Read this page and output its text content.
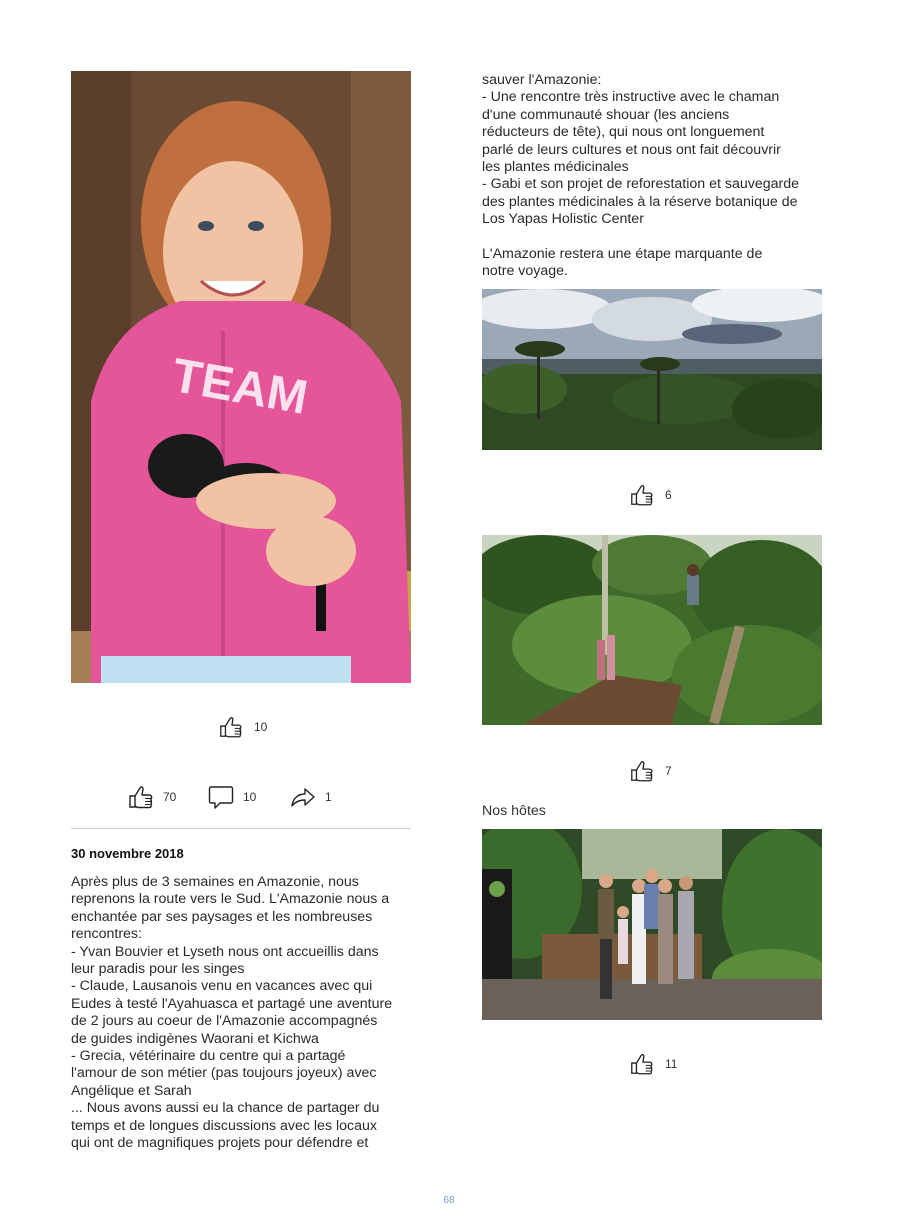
TEAM
10
70	10	1
30 novembre 2018
Après plus de 3 semaines en Amazonie, nous
reprenons la route vers le Sud. L'Amazonie nous a
enchantée par ses paysages et les nombreuses
rencontres:
- Yvan Bouvier et Lyseth nous ont accueillis dans
leur paradis pour les singes
- Claude, Lausanois venu en vacances avec qui
Eudes à testé l'Ayahuasca et partagé une aventure
de 2 jours au coeur de l'Amazonie accompagnés
de guides indigènes Waorani et Kichwa
- Grecia, vétérinaire du centre qui a partagé
l'amour de son métier (pas toujours joyeux) avec
Angélique et Sarah
... Nous avons aussi eu la chance de partager du
temps et de longues discussions avec les locaux
qui ont de magnifiques projets pour défendre et
sauver l'Amazonie:
- Une rencontre très instructive avec le chaman
d'une communauté shouar (les anciens
réducteurs de tête), qui nous ont longuement
parlé de leurs cultures et nous ont fait découvrir
les plantes médicinales
- Gabi et son projet de reforestation et sauvegarde
des plantes médicinales à la réserve botanique de
Los Yapas Holistic Center

L'Amazonie restera une étape marquante de
notre voyage.
6
7
Nos hôtes
11
68
